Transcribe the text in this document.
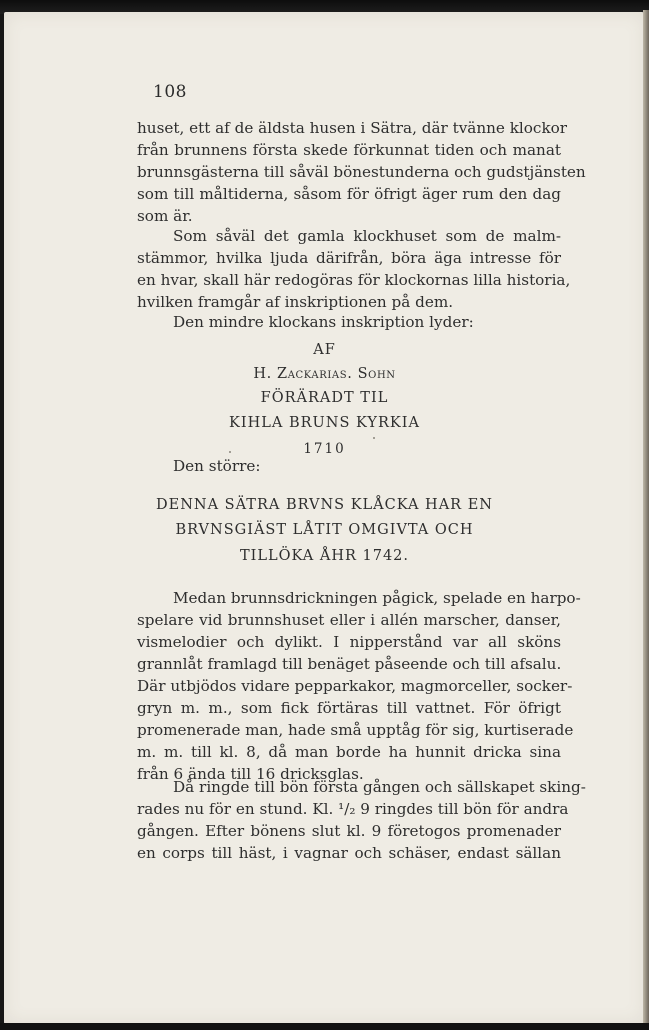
108
huset, ett af de äldsta husen i Sätra, där tvänne klockor
från brunnens första skede förkunnat tiden och manat
brunnsgästerna till såväl bönestunderna och gudstjänsten
som till måltiderna, såsom för öfrigt äger rum den dag
som är.
Som såväl det gamla klockhuset som de malm-
stämmor, hvilka ljuda därifrån, böra äga intresse för
en hvar, skall här redogöras för klockornas lilla historia,
hvilken framgår af inskriptionen på dem.
Den mindre klockans inskription lyder:
AF
H. Zackarias. Sohn
FÖRÄRADT TIL
KIHLA BRUNS KYRKIA
1710
Den större:
DENNA SÄTRA BRVNS KLÅCKA HAR EN
BRVNSGIÄST LÅTIT OMGIVTA OCH
TILLÖKA ÅHR 1742.
Medan brunnsdrickningen pågick, spelade en harpo-
spelare vid brunnshuset eller i allén marscher, danser,
vismelodier och dylikt. I nipperstånd var all sköns
grannlåt framlagd till benäget påseende och till afsalu.
Där utbjödos vidare pepparkakor, magmorceller, socker-
gryn m. m., som fick förtäras till vattnet. För öfrigt
promenerade man, hade små upptåg för sig, kurtiserade
m. m. till kl. 8, då man borde ha hunnit dricka sina
från 6 ända till 16 dricksglas.
Då ringde till bön första gången och sällskapet sking-
rades nu för en stund. Kl. ¹/₂ 9 ringdes till bön för andra
gången. Efter bönens slut kl. 9 företogos promenader
en corps till häst, i vagnar och schäser, endast sällan
